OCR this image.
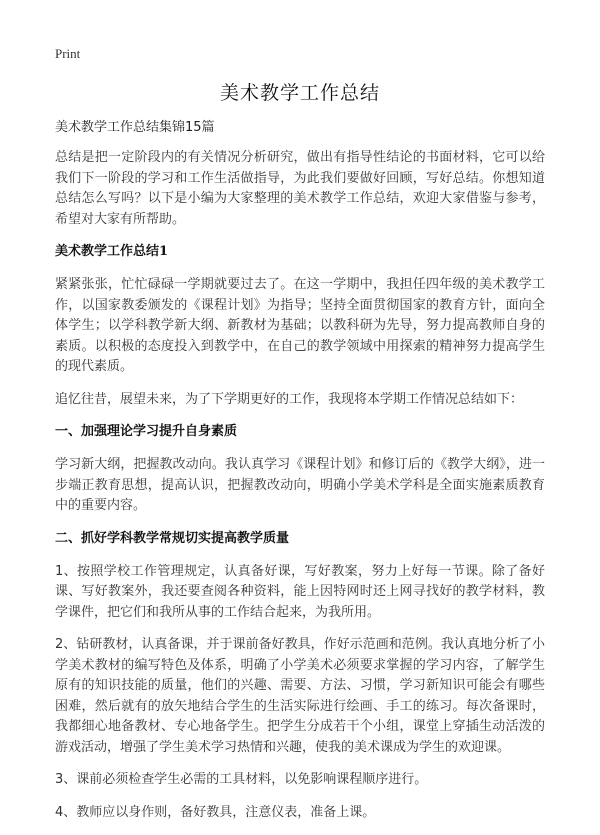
Print
美术教学工作总结
美术教学工作总结集锦15篇

总结是把一定阶段内的有关情况分析研究，做出有指导性结论的书面材料，它可以给我们下一阶段的学习和工作生活做指导，为此我们要做好回顾，写好总结。你想知道总结怎么写吗？以下是小编为大家整理的美术教学工作总结，欢迎大家借鉴与参考，希望对大家有所帮助。

美术教学工作总结1

紧紧张张，忙忙碌碌一学期就要过去了。在这一学期中，我担任四年级的美术教学工作，以国家教委颁发的《课程计划》为指导；坚持全面贯彻国家的教育方针，面向全体学生；以学科教学新大纲、新教材为基础；以教科研为先导，努力提高教师自身的素质。以积极的态度投入到教学中，在自己的教学领域中用探索的精神努力提高学生的现代素质。

追忆往昔，展望未来，为了下学期更好的工作，我现将本学期工作情况总结如下：

一、加强理论学习提升自身素质

学习新大纲，把握教改动向。我认真学习《课程计划》和修订后的《教学大纲》，进一步端正教育思想，提高认识，把握教改动向，明确小学美术学科是全面实施素质教育中的重要内容。

二、抓好学科教学常规切实提高教学质量

1、按照学校工作管理规定，认真备好课，写好教案，努力上好每一节课。除了备好课、写好教案外，我还要查阅各种资料，能上因特网时还上网寻找好的教学材料，教学课件，把它们和我所从事的工作结合起来，为我所用。

2、钻研教材，认真备课，并于课前备好教具，作好示范画和范例。我认真地分析了小学美术教材的编写特色及体系，明确了小学美术必须要求掌握的学习内容，了解学生原有的知识技能的质量，他们的兴趣、需要、方法、习惯，学习新知识可能会有哪些困难，然后就有的放矢地结合学生的生活实际进行绘画、手工的练习。每次备课时，我都细心地备教材、专心地备学生。把学生分成若干个小组，课堂上穿插生动活泼的游戏活动，增强了学生美术学习热情和兴趣，使我的美术课成为学生的欢迎课。

3、课前必须检查学生必需的工具材料，以免影响课程顺序进行。

4、教师应以身作则，备好教具，注意仪表，准备上课。
